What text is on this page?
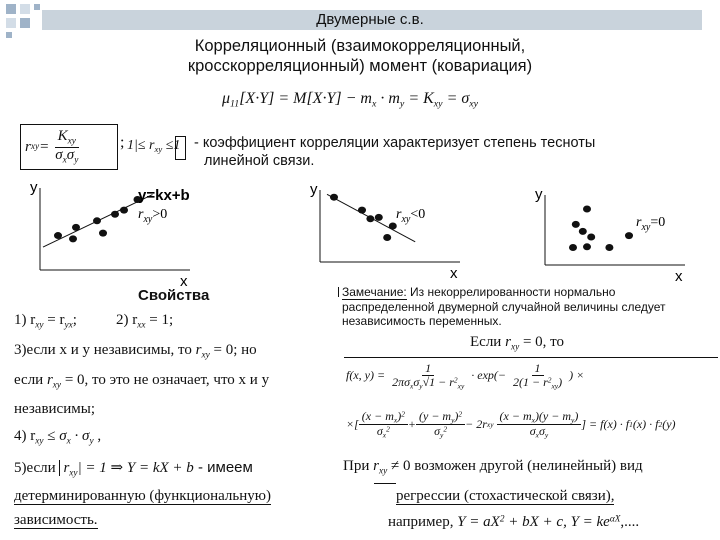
Двумерные с.в.
Корреляционный (взаимокорреляционный,
кросскорреляционный) момент (ковариация)
$\mu_{11}[X\cdot Y] = M[X\cdot Y] - m_x \cdot m_y = K_{xy} = \sigma_{xy}$
r xy = $\frac{K_{xy}}{\sigma_x\sigma_y}$ ; $1|\le r_{xy} \le 1$ - коэффициент корреляции характеризует степень тесноты
линейной связи.
y
x
y=kx+b
$r_{xy}>0$
y
x
$r_{xy}<0$
y
x
$r_{xy}=0$
Свойства
1) $r_{xy} = r_{yx}$;	2) $r_{xx} = 1$;
3)если x и y независимы, то $r_{xy} = 0$; но
если $r_{xy} = 0$, то это не означает, что x и y
независимы;
4) $r_{xy} \le \sigma_x \cdot \sigma_y$ ,
5)если $r_{xy}| = 1$ ⇒ Y = kX + b - имеем
детерминированную (функциональную)
зависимость.
Замечание: Из некоррелированности нормально
распределенной двумерной случайной величины следует
независимость переменных.
Если $r_{xy} = 0$, то
f(x, $y) = \frac{1}{2\pi\sigma_x\sigma_y√1 - r^2_{xy}} \cdot \exp(- \frac{1}{2(1 - r^2_{xy})}$ ) ×
×[ $\frac{(x - m_x)^2}{\sigma_x^2} + \frac{(y - m_y)^2}{\sigma_y^2} - 2r$ xy $\frac{(x - m_x)(y - m_y)}{\sigma_x\sigma_y}$ ] = f(x) · f 1 (x) · f 2 (y)
При $r_{xy} \ne 0$ возможен другой (нелинейный) вид
регрессии (стохастической связи),
например, $Y = aX^2$ + bX + c, $Y = ke^{\alpha X}$,....
